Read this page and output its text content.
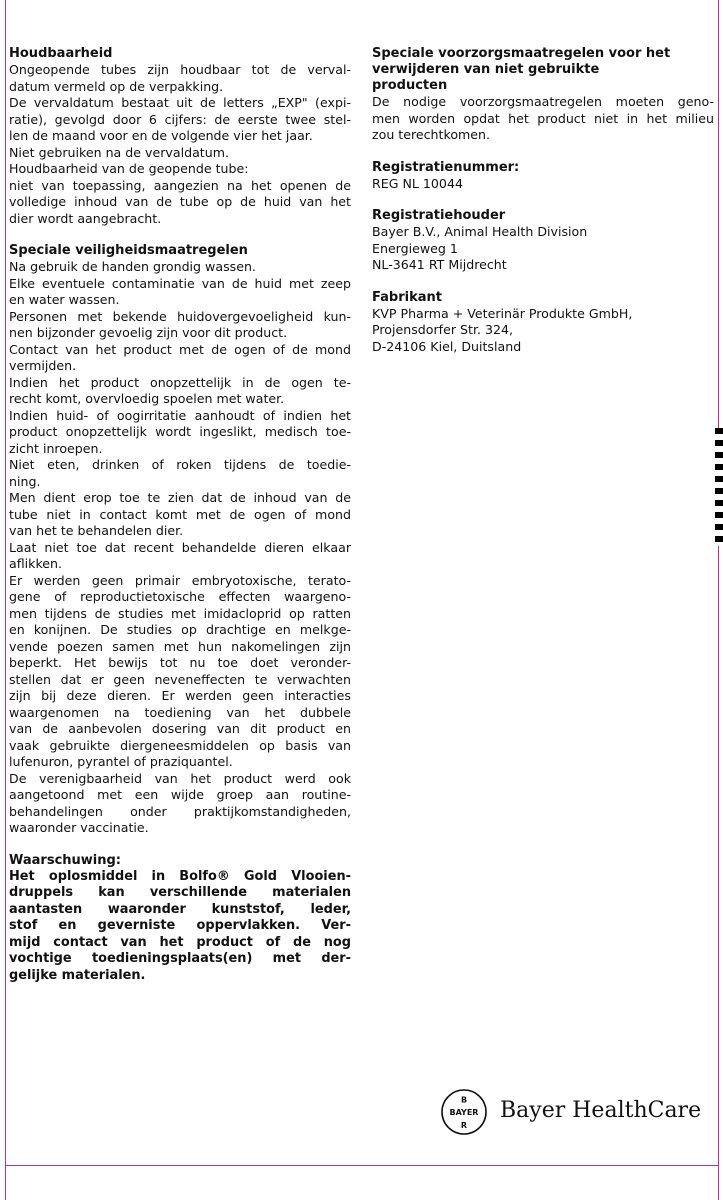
Houdbaarheid

Ongeopende tubes zijn houdbaar tot de verval-

datum vermeld op de verpakking.

De vervaldatum bestaat uit de letters „EXP" (expi-

ratie), gevolgd door 6 cijfers: de eerste twee stel-

len de maand voor en de volgende vier het jaar.

Niet gebruiken na de vervaldatum.

Houdbaarheid van de geopende tube:

niet van toepassing, aangezien na het openen de

volledige inhoud van de tube op de huid van het

dier wordt aangebracht.

Speciale veiligheidsmaatregelen

Na gebruik de handen grondig wassen.

Elke eventuele contaminatie van de huid met zeep

en water wassen.

Personen met bekende huidovergevoeligheid kun-

nen bijzonder gevoelig zijn voor dit product.

Contact van het product met de ogen of de mond

vermijden.

Indien het product onopzettelijk in de ogen te-

recht komt, overvloedig spoelen met water.

Indien huid- of oogirritatie aanhoudt of indien het

product onopzettelijk wordt ingeslikt, medisch toe-

zicht inroepen.

Niet eten, drinken of roken tijdens de toedie-

ning.

Men dient erop toe te zien dat de inhoud van de

tube niet in contact komt met de ogen of mond

van het te behandelen dier.

Laat niet toe dat recent behandelde dieren elkaar

aflikken.

Er werden geen primair embryotoxische, terato-

gene of reproductietoxische effecten waargeno-

men tijdens de studies met imidacloprid op ratten

en konijnen. De studies op drachtige en melkge-

vende poezen samen met hun nakomelingen zijn

beperkt. Het bewijs tot nu toe doet veronder-

stellen dat er geen neveneffecten te verwachten

zijn bij deze dieren. Er werden geen interacties

waargenomen na toediening van het dubbele

van de aanbevolen dosering van dit product en

vaak gebruikte diergeneesmiddelen op basis van

lufenuron, pyrantel of praziquantel.

De verenigbaarheid van het product werd ook

aangetoond met een wijde groep aan routine-

behandelingen onder praktijkomstandigheden,

waaronder vaccinatie.

Waarschuwing:

Het oplosmiddel in Bolfo® Gold Vlooien-

druppels kan verschillende materialen

aantasten waaronder kunststof, leder,

stof en geverniste oppervlakken. Ver-

mijd contact van het product of de nog

vochtige toedieningsplaats(en) met der-

gelijke materialen.

Speciale voorzorgsmaatregelen voor het

verwijderen van niet gebruikte

producten

De nodige voorzorgsmaatregelen moeten geno-

men worden opdat het product niet in het milieu

zou terechtkomen.

Registratienummer:

REG NL 10044

Registratiehouder

Bayer B.V., Animal Health Division

Energieweg 1

NL-3641 RT Mijdrecht

Fabrikant

KVP Pharma + Veterinär Produkte GmbH,

Projensdorfer Str. 324,

D-24106 Kiel, Duitsland

B
BAYER
R
Bayer HealthCare
